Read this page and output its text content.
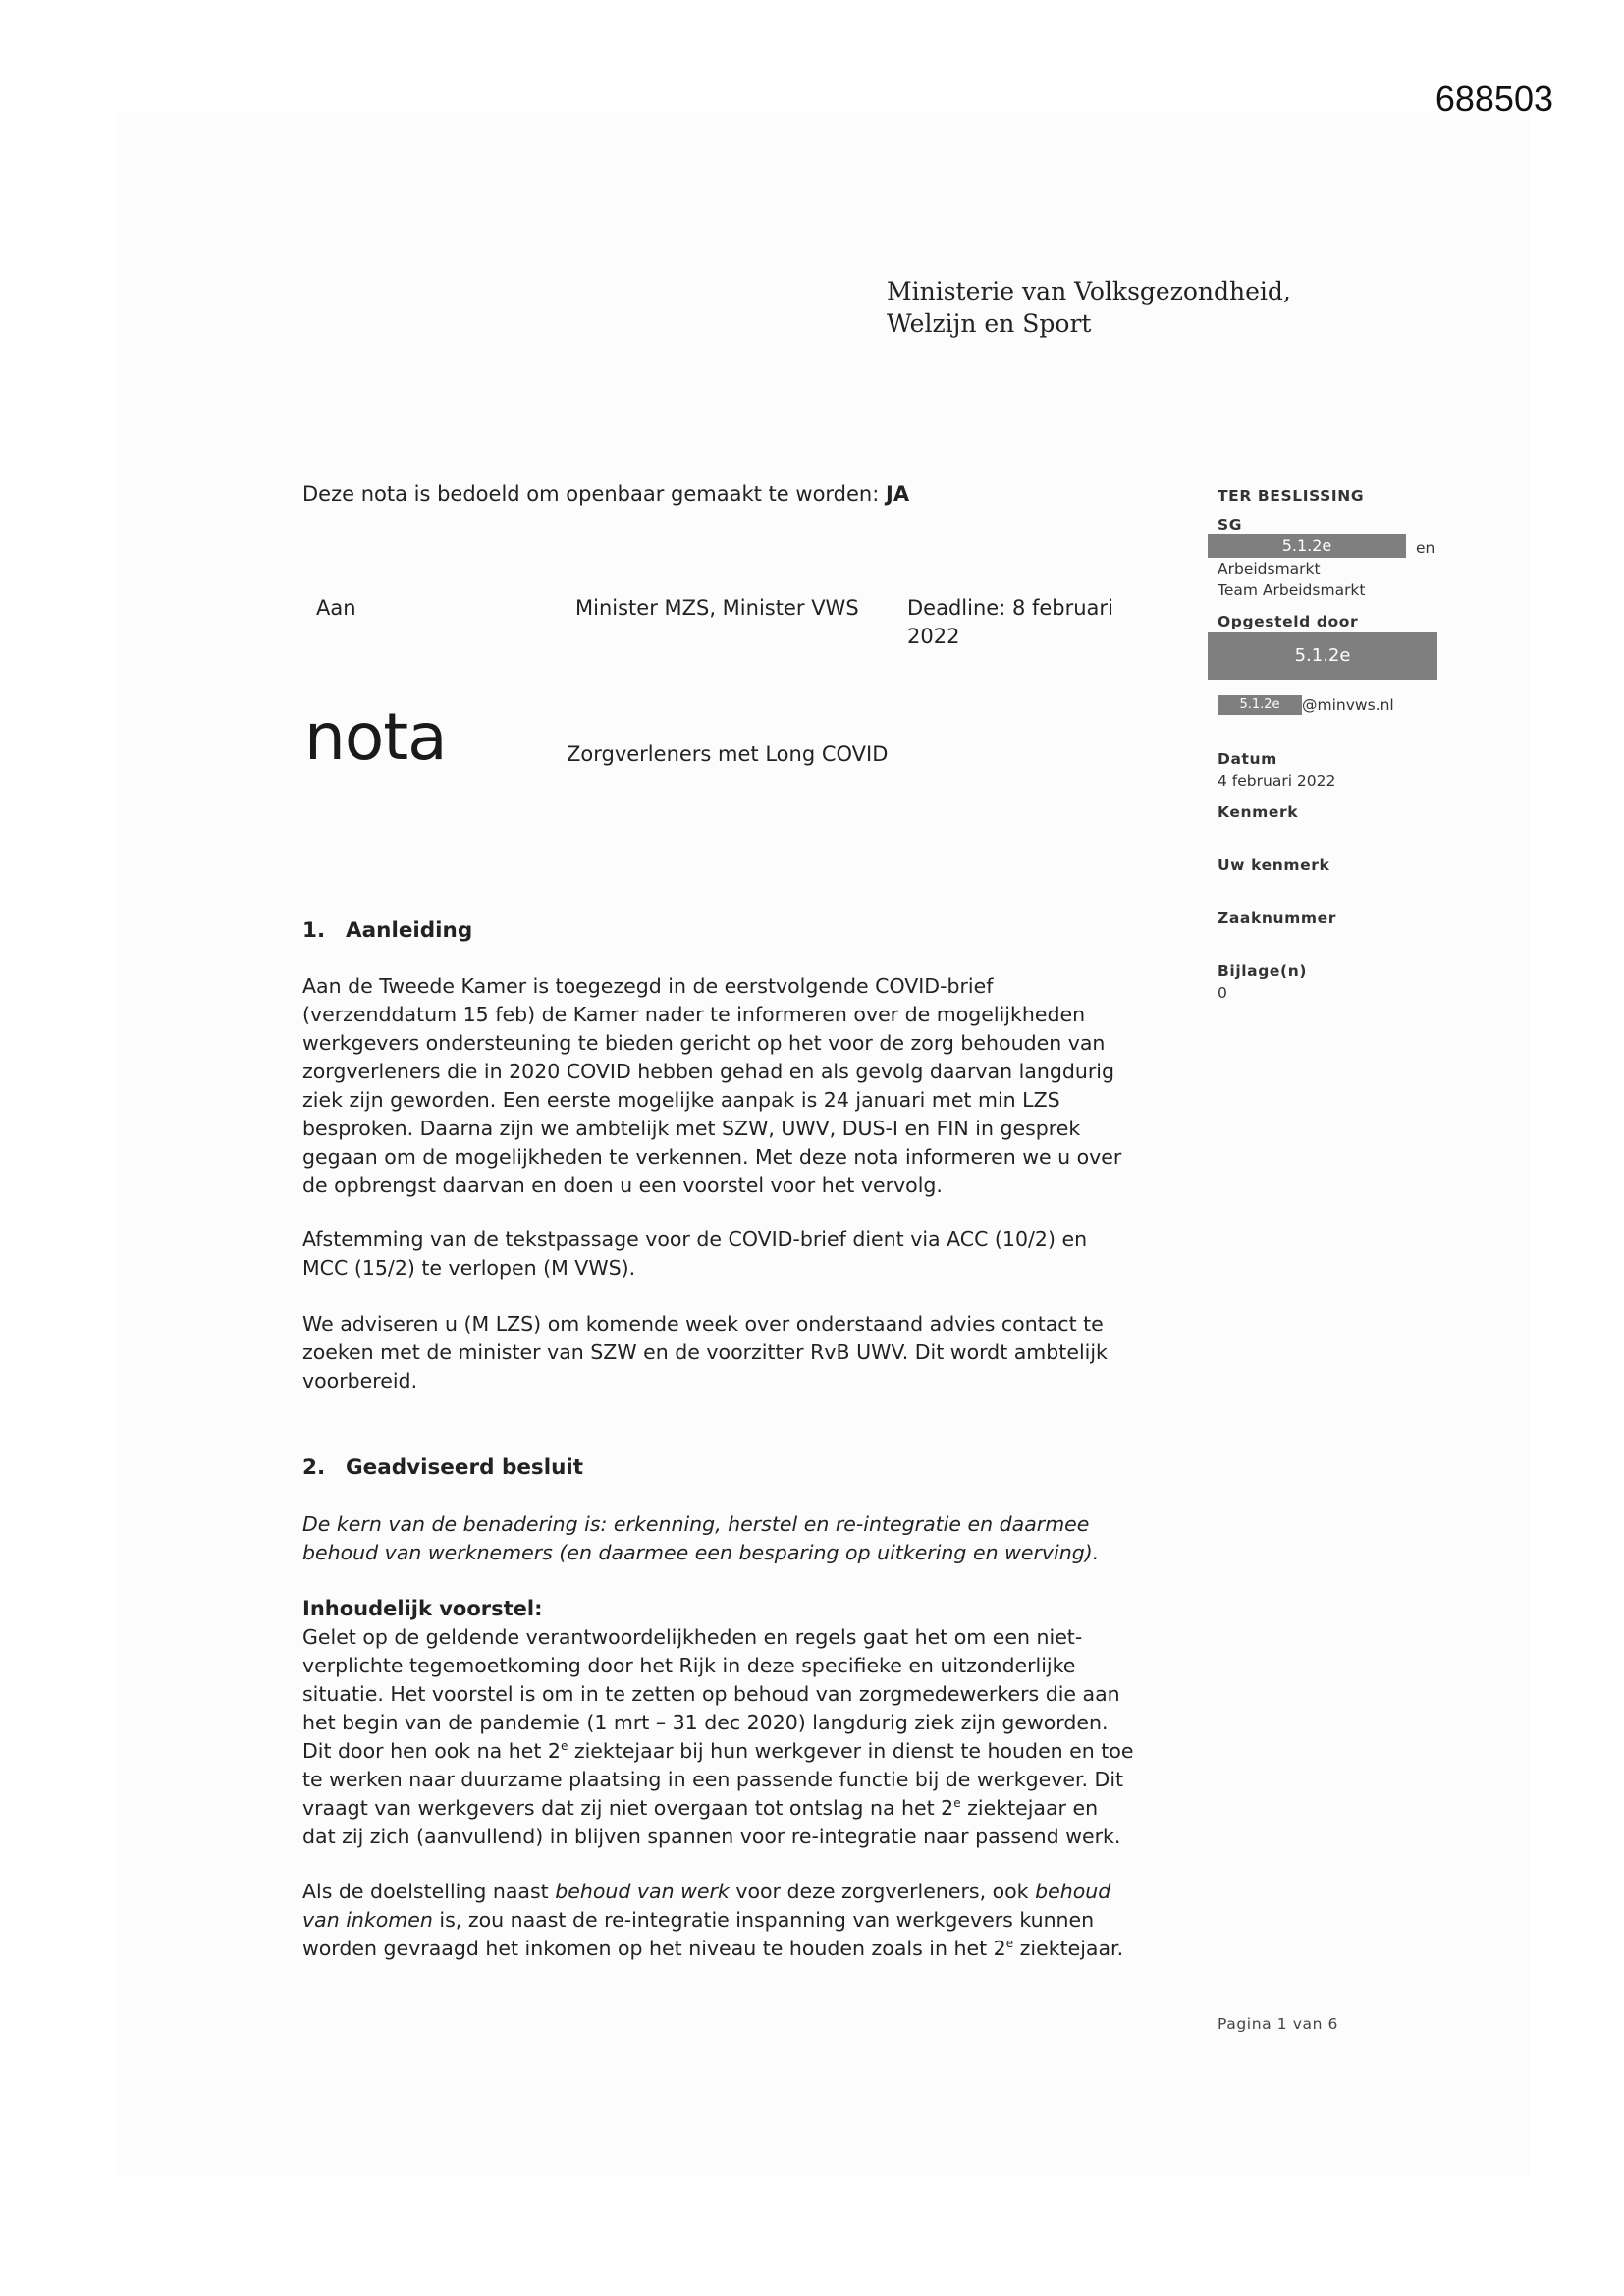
688503
Ministerie van Volksgezondheid,
Welzijn en Sport
Deze nota is bedoeld om openbaar gemaakt te worden: JA
Aan	Minister MZS, Minister VWS Deadline: 8 februari
2022
nota	Zorgverleners met Long COVID
TER BESLISSING
SG
5.1.2e	en
Arbeidsmarkt
Team Arbeidsmarkt
Opgesteld door
5.1.2e
5.1.2e	@minvws.nl
Datum
4 februari 2022
Kenmerk
Uw kenmerk
Zaaknummer
Bijlage(n)
0
1. Aanleiding

Aan de Tweede Kamer is toegezegd in de eerstvolgende COVID-brief

(verzenddatum 15 feb) de Kamer nader te informeren over de mogelijkheden

werkgevers ondersteuning te bieden gericht op het voor de zorg behouden van

zorgverleners die in 2020 COVID hebben gehad en als gevolg daarvan langdurig

ziek zijn geworden. Een eerste mogelijke aanpak is 24 januari met min LZS

besproken. Daarna zijn we ambtelijk met SZW, UWV, DUS-I en FIN in gesprek

gegaan om de mogelijkheden te verkennen. Met deze nota informeren we u over

de opbrengst daarvan en doen u een voorstel voor het vervolg.

Afstemming van de tekstpassage voor de COVID-brief dient via ACC (10/2) en

MCC (15/2) te verlopen (M VWS).

We adviseren u (M LZS) om komende week over onderstaand advies contact te

zoeken met de minister van SZW en de voorzitter RvB UWV. Dit wordt ambtelijk

voorbereid.

2. Geadviseerd besluit

De kern van de benadering is: erkenning, herstel en re-integratie en daarmee

behoud van werknemers (en daarmee een besparing op uitkering en werving).

Inhoudelijk voorstel:

Gelet op de geldende verantwoordelijkheden en regels gaat het om een niet-

verplichte tegemoetkoming door het Rijk in deze specifieke en uitzonderlijke

situatie. Het voorstel is om in te zetten op behoud van zorgmedewerkers die aan

het begin van de pandemie (1 mrt – 31 dec 2020) langdurig ziek zijn geworden.

Dit door hen ook na het 2e ziektejaar bij hun werkgever in dienst te houden en toe

te werken naar duurzame plaatsing in een passende functie bij de werkgever. Dit

vraagt van werkgevers dat zij niet overgaan tot ontslag na het 2e ziektejaar en

dat zij zich (aanvullend) in blijven spannen voor re-integratie naar passend werk.

Als de doelstelling naast behoud van werk voor deze zorgverleners, ook behoud

van inkomen is, zou naast de re-integratie inspanning van werkgevers kunnen

worden gevraagd het inkomen op het niveau te houden zoals in het 2e ziektejaar.

Pagina 1 van 6
